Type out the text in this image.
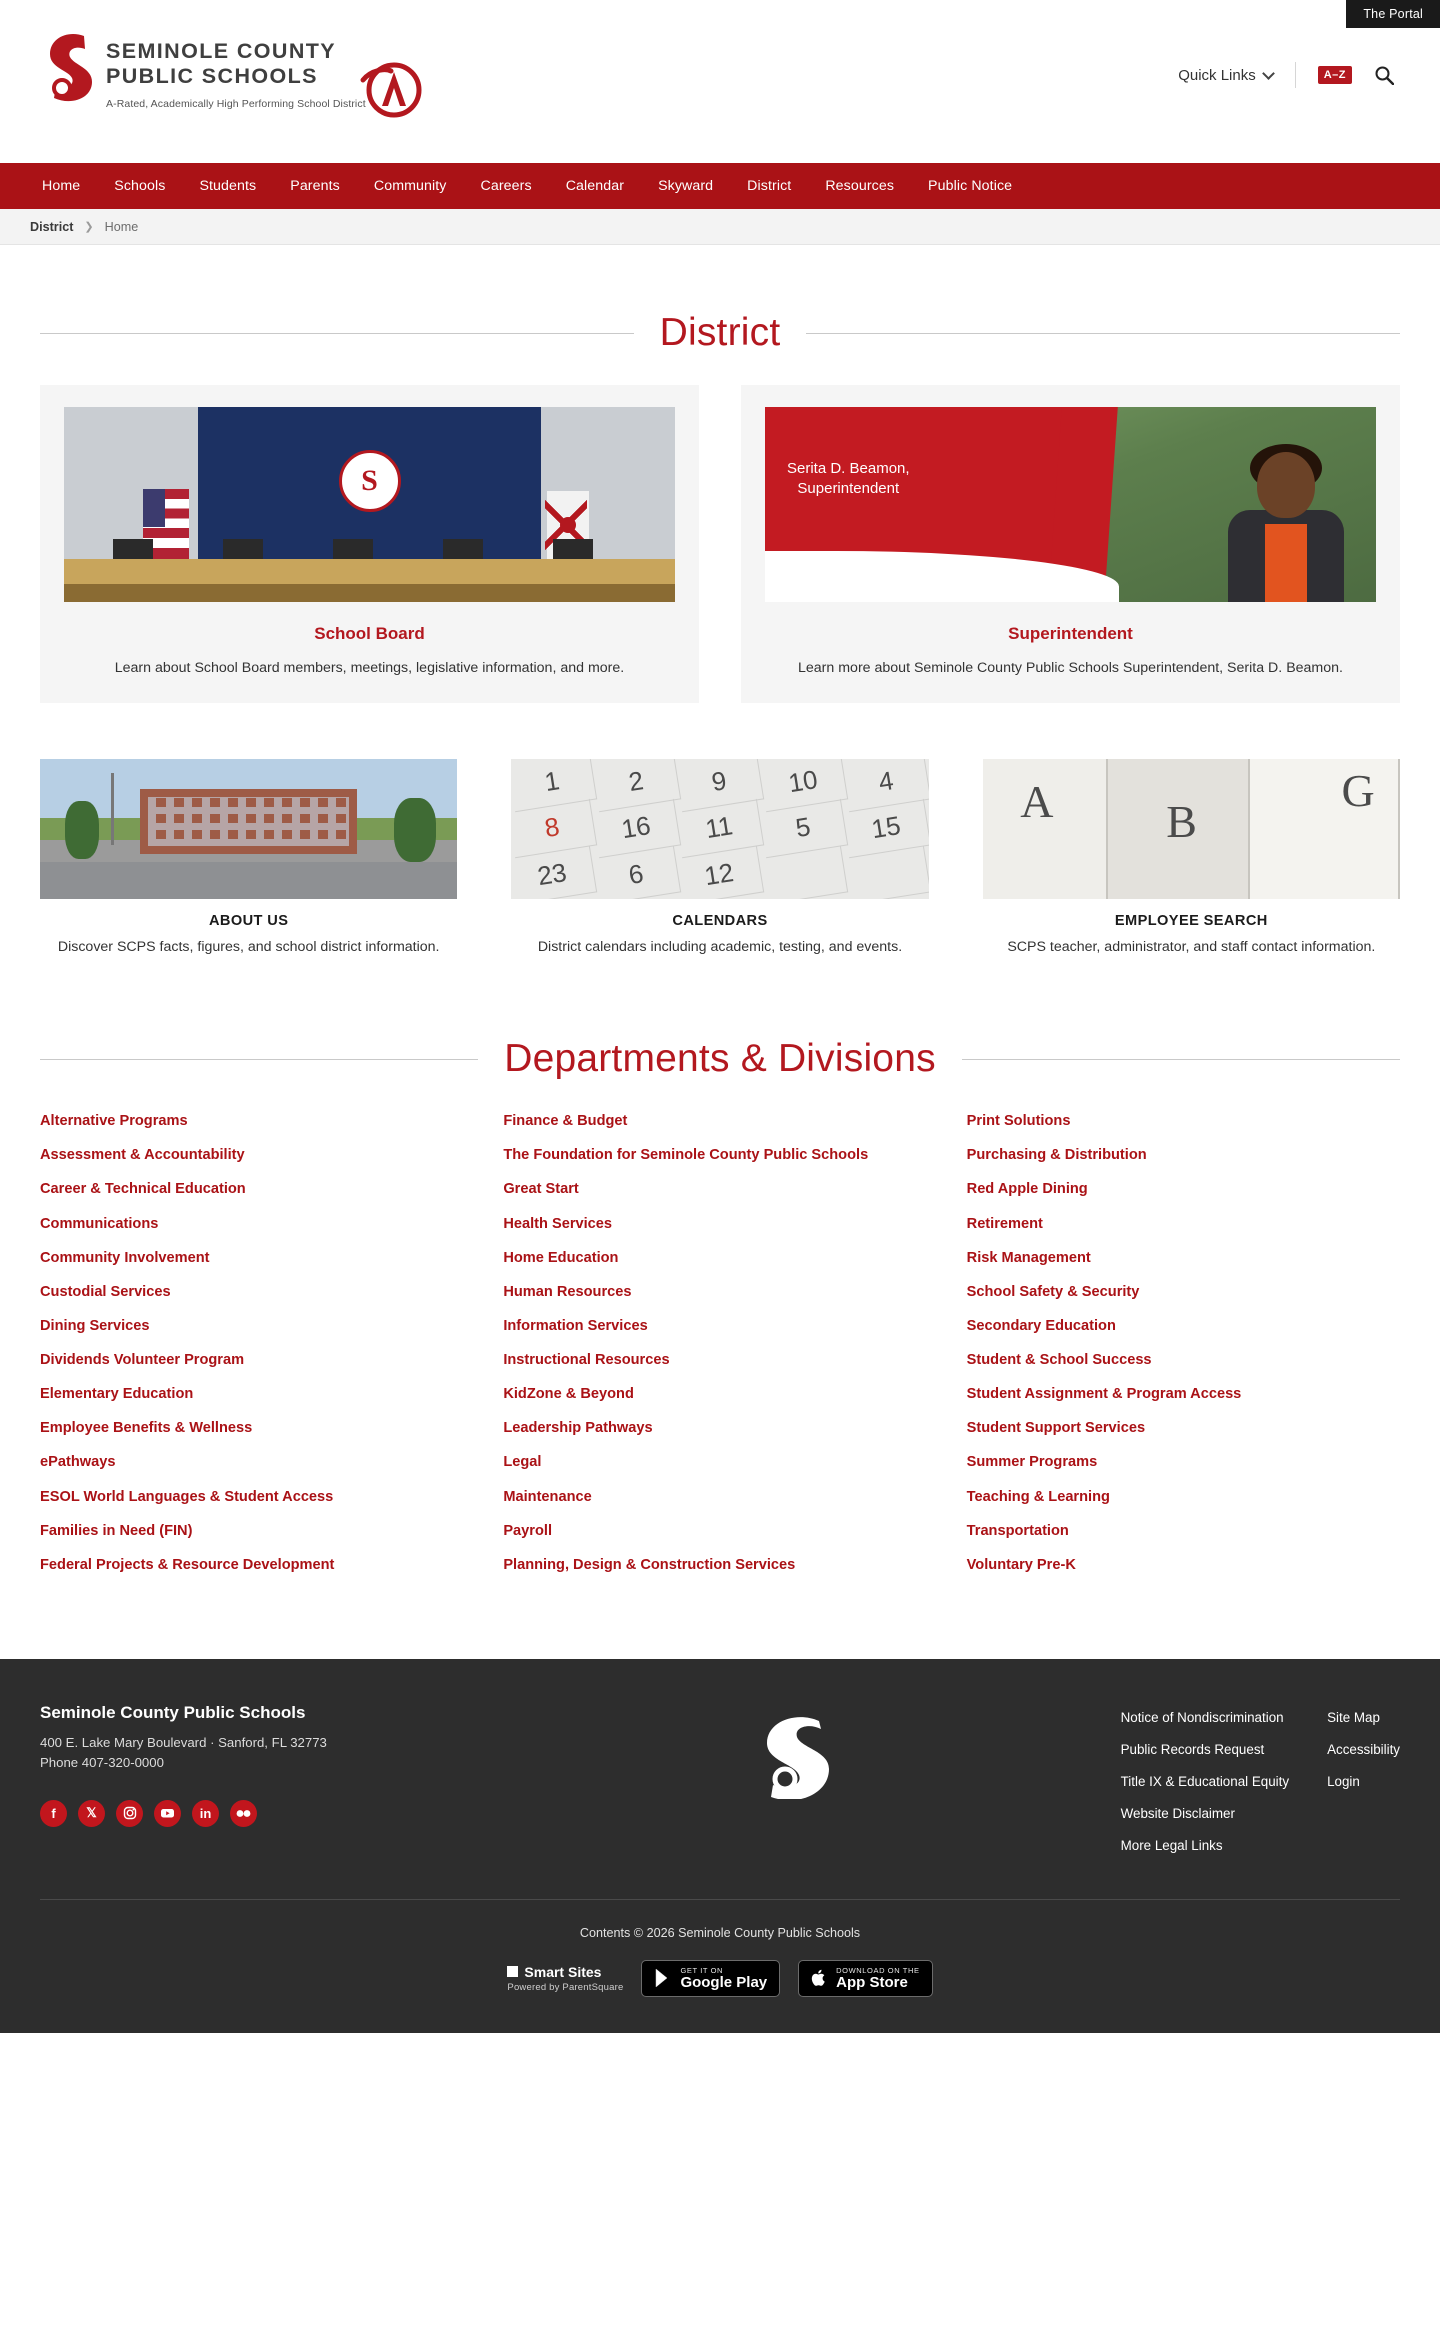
The Portal
SEMINOLE COUNTY
PUBLIC SCHOOLS
A-Rated, Academically High Performing School District
Quick Links	A–Z
Home	Schools	Students	Parents	Community	Careers	Calendar	Skyward	District	Resources	Public Notice
District ❯ Home
District
S
School Board
Learn about School Board members, meetings, legislative information, and more.
Serita D. Beamon,
Superintendent
Superintendent
Learn more about Seminole County Public Schools Superintendent, Serita D. Beamon.
ABOUT US
Discover SCPS facts, figures, and school district information.
1	2	9	10	4
8	16	11	5	15
23	6	12
CALENDARS
District calendars including academic, testing, and events.
A B
G
EMPLOYEE SEARCH
SCPS teacher, administrator, and staff contact information.
Departments & Divisions
Alternative Programs
Assessment & Accountability
Career & Technical Education
Communications
Community Involvement
Custodial Services
Dining Services
Dividends Volunteer Program
Elementary Education
Employee Benefits & Wellness
ePathways
ESOL World Languages & Student Access
Families in Need (FIN)
Federal Projects & Resource Development
Finance & Budget
The Foundation for Seminole County Public Schools
Great Start
Health Services
Home Education
Human Resources
Information Services
Instructional Resources
KidZone & Beyond
Leadership Pathways
Legal
Maintenance
Payroll
Planning, Design & Construction Services
Print Solutions
Purchasing & Distribution
Red Apple Dining
Retirement
Risk Management
School Safety & Security
Secondary Education
Student & School Success
Student Assignment & Program Access
Student Support Services
Summer Programs
Teaching & Learning
Transportation
Voluntary Pre-K
Seminole County Public Schools
400 E. Lake Mary Boulevard · Sanford, FL 32773
Phone 407-320-0000
f	𝕏	in
Notice of Nondiscrimination
Public Records Request
Title IX & Educational Equity
Website Disclaimer
More Legal Links
Site Map
Accessibility
Login
Contents © 2026 Seminole County Public Schools
Smart Sites
Powered by ParentSquare
GET IT ON
Google Play
DOWNLOAD ON THE
App Store
